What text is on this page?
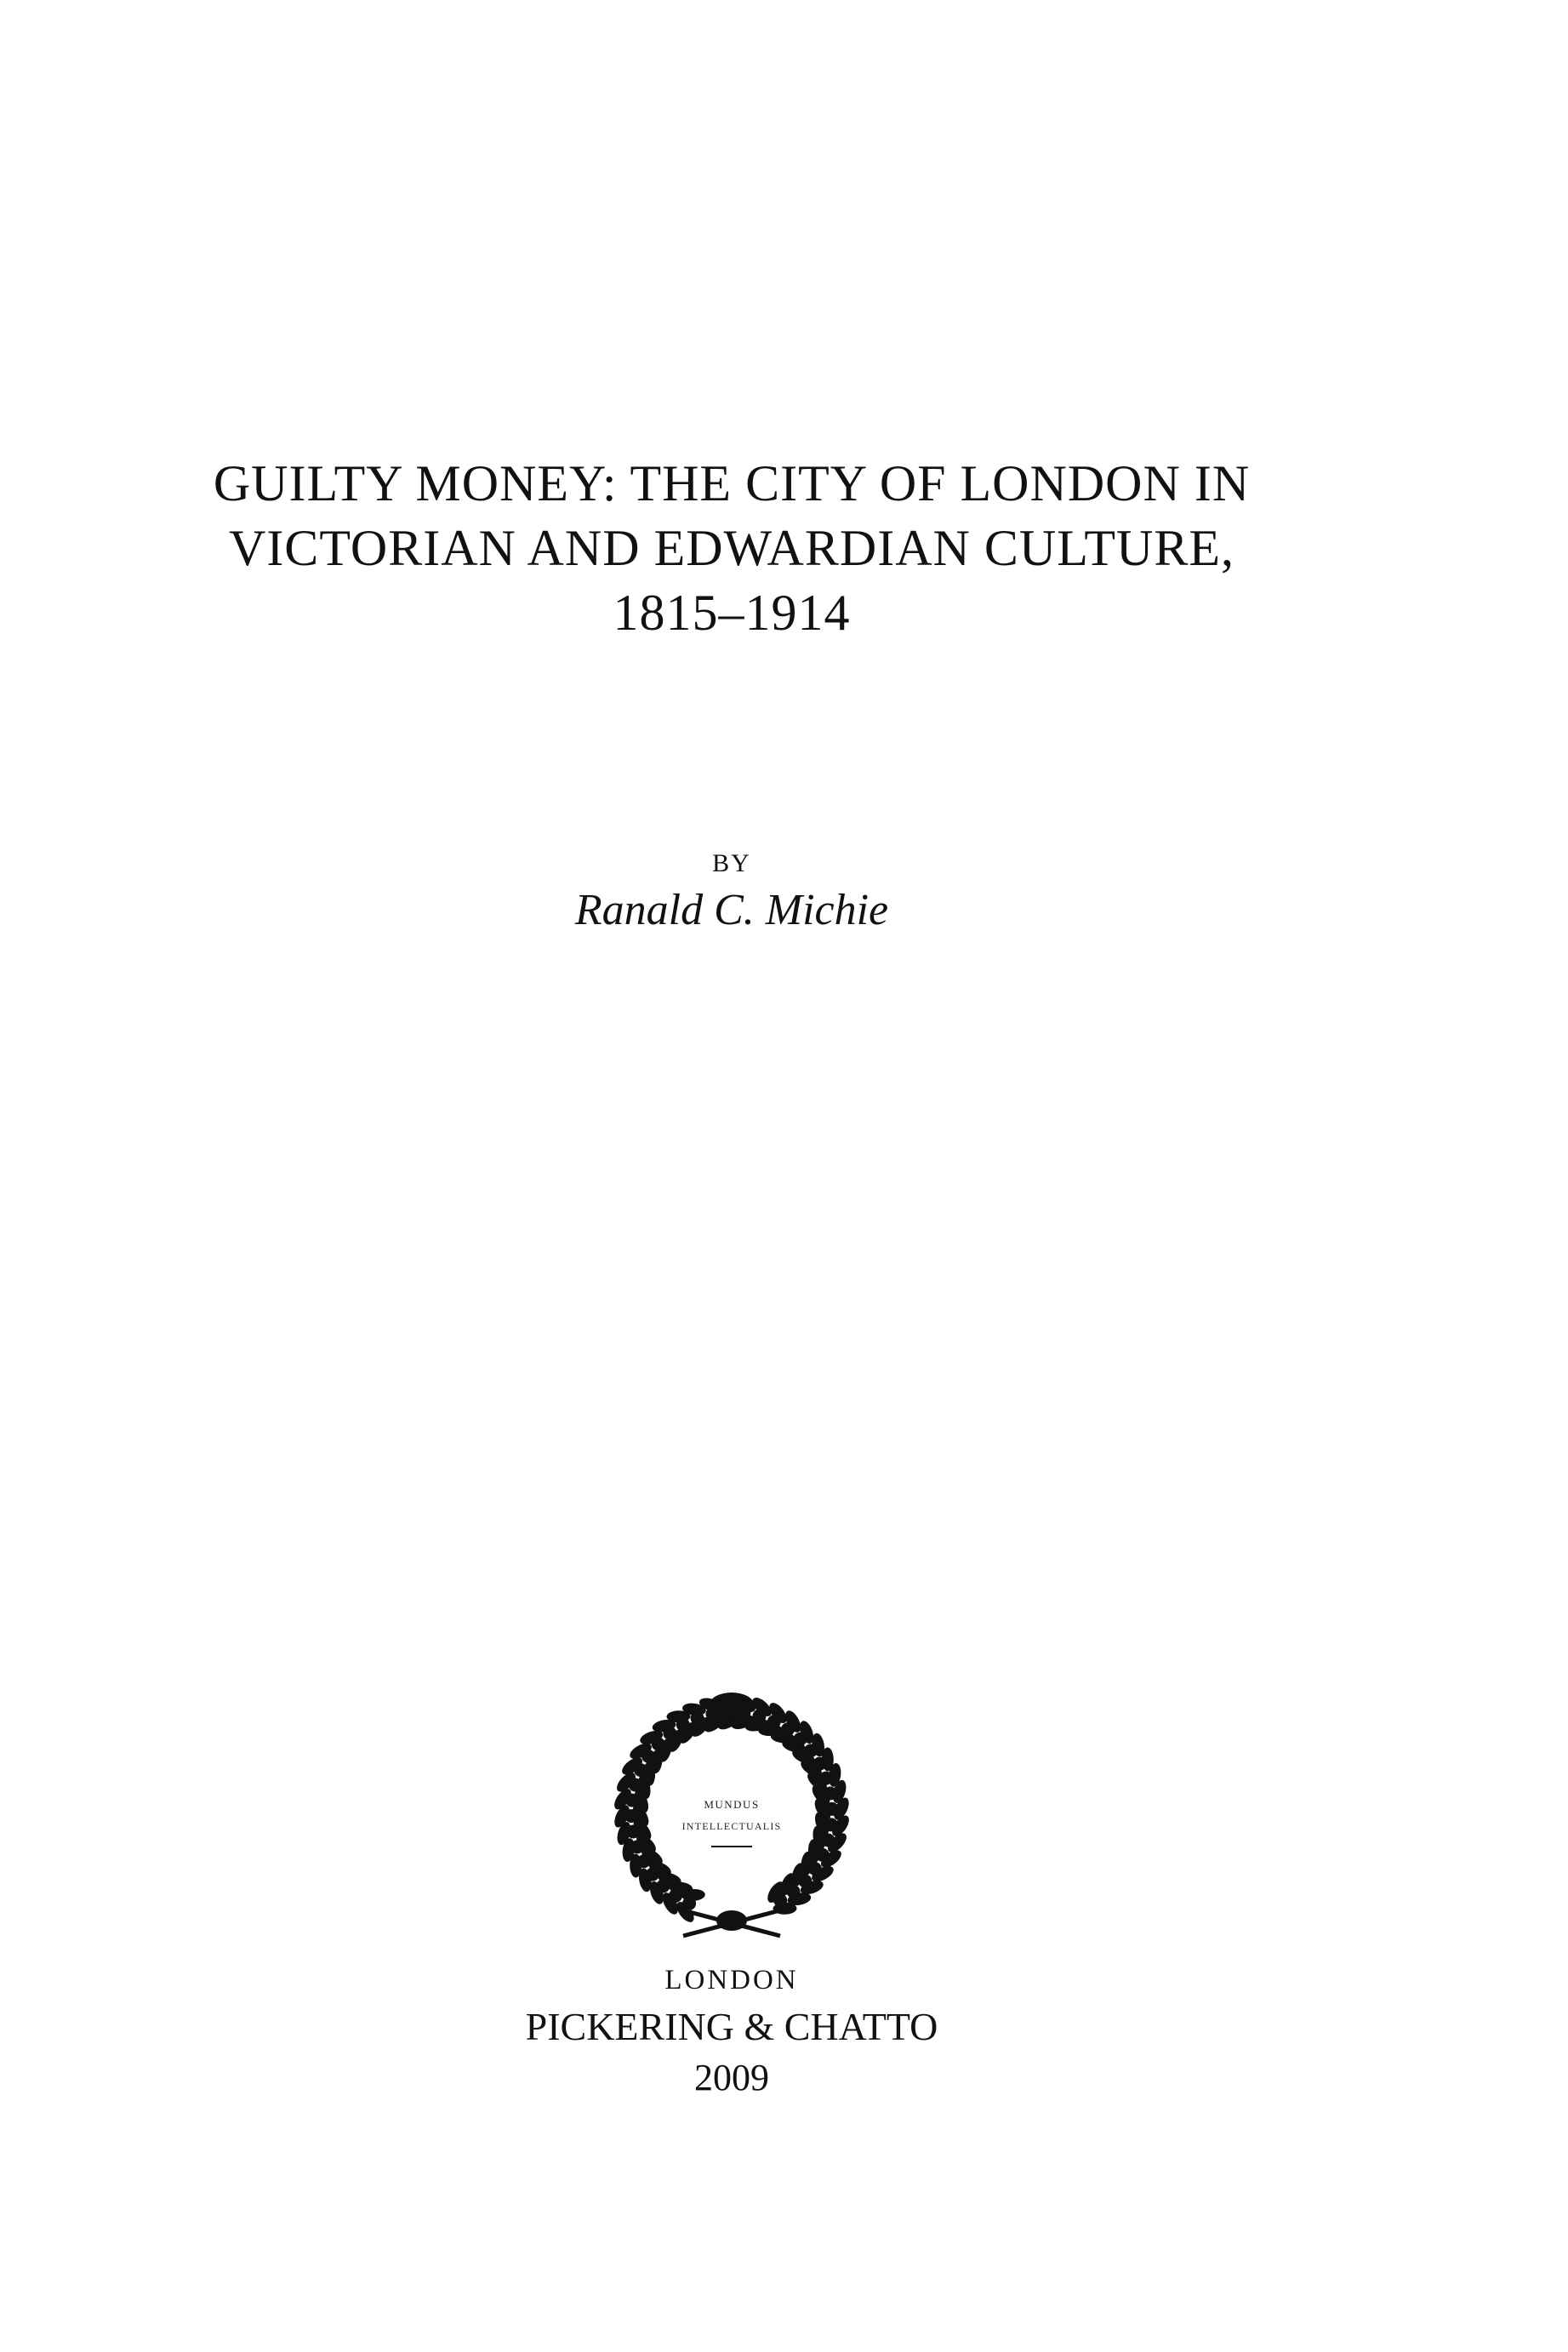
GUILTY MONEY: THE CITY OF LONDON IN
VICTORIAN AND EDWARDIAN CULTURE,
1815–1914
BY
Ranald C. Michie
MUNDUS
INTELLECTUALIS
LONDON
PICKERING & CHATTO
2009
